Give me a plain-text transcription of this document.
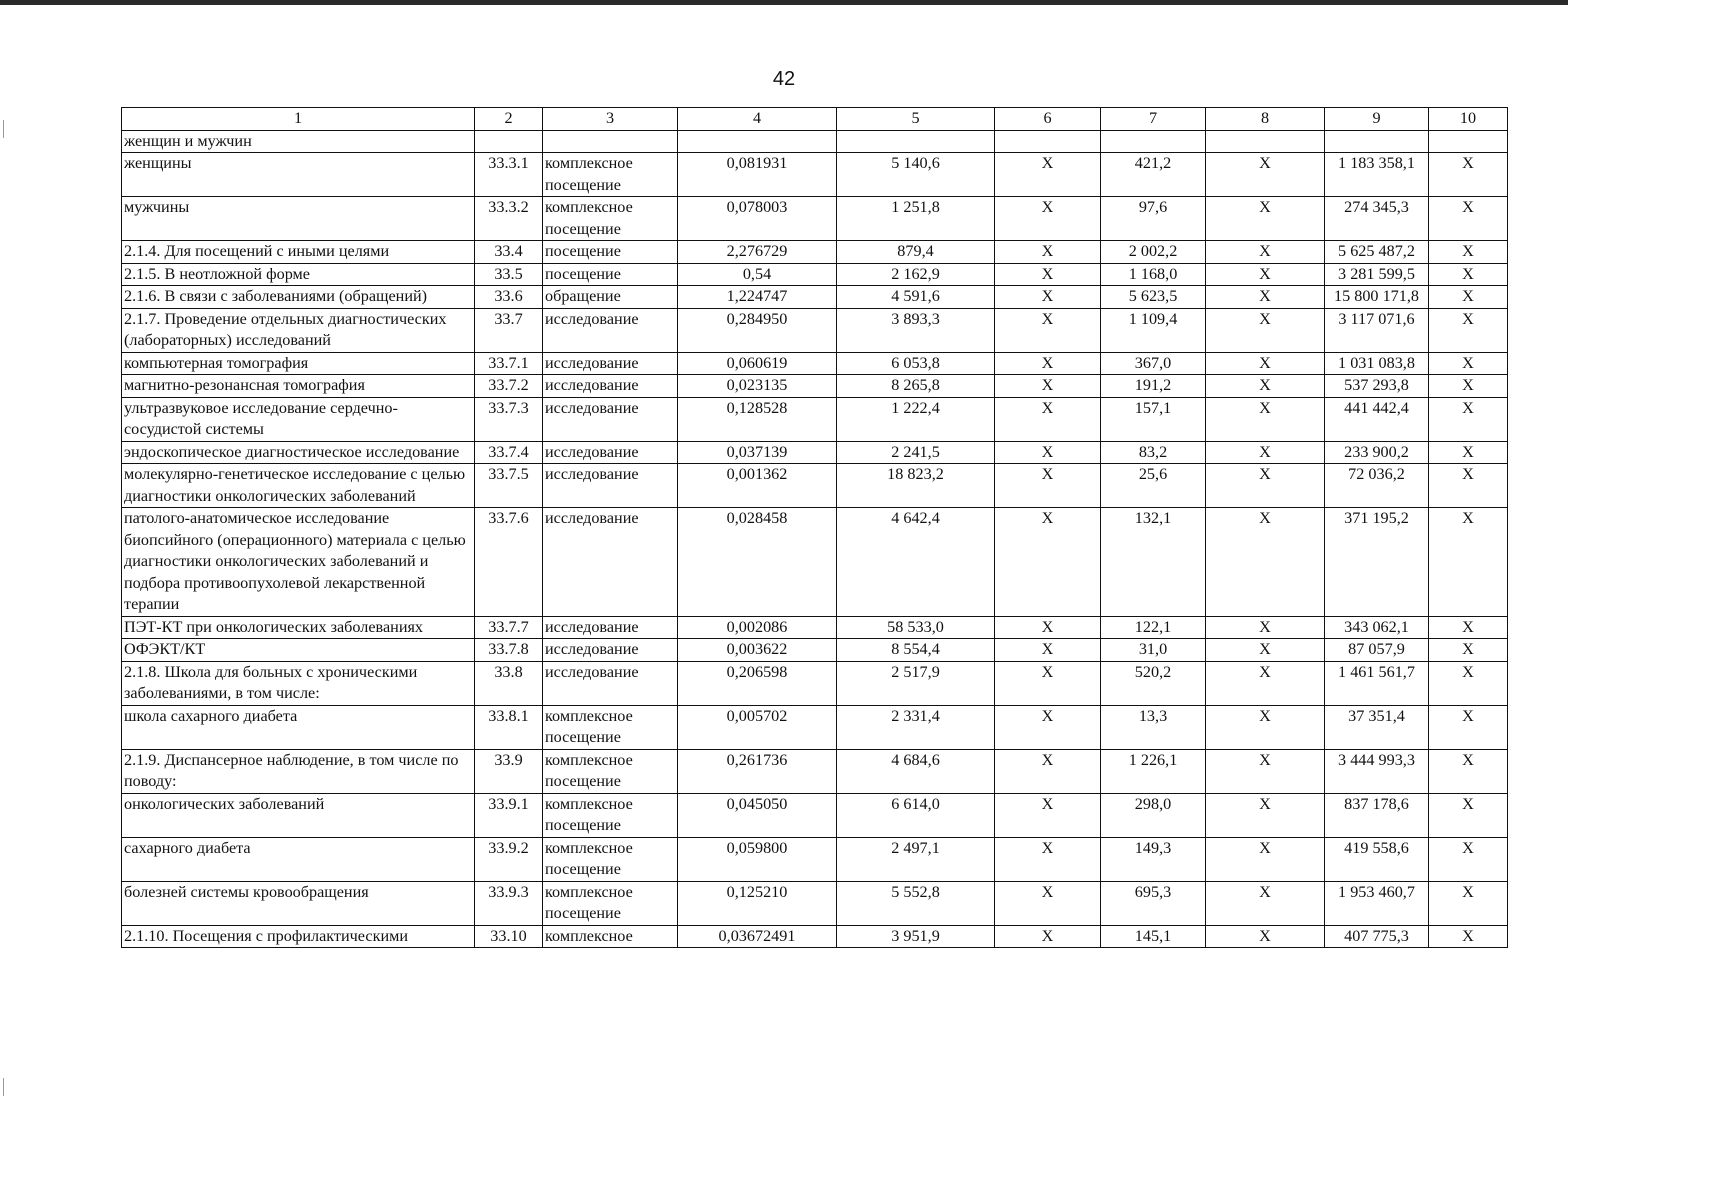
42
1	2	3	4	5	6	7	8	9	10
женщин и мужчин									
женщины	33.3.1	комплексное посещение	0,081931	5 140,6	X	421,2	X	1 183 358,1	X
мужчины	33.3.2	комплексное посещение	0,078003	1 251,8	X	97,6	X	274 345,3	X
2.1.4. Для посещений с иными целями	33.4	посещение	2,276729	879,4	X	2 002,2	X	5 625 487,2	X
2.1.5. В неотложной форме	33.5	посещение	0,54	2 162,9	X	1 168,0	X	3 281 599,5	X
2.1.6. В связи с заболеваниями (обращений)	33.6	обращение	1,224747	4 591,6	X	5 623,5	X	15 800 171,8	X
2.1.7. Проведение отдельных диагностических (лабораторных) исследований	33.7	исследование	0,284950	3 893,3	X	1 109,4	X	3 117 071,6	X
компьютерная томография	33.7.1	исследование	0,060619	6 053,8	X	367,0	X	1 031 083,8	X
магнитно-резонансная томография	33.7.2	исследование	0,023135	8 265,8	X	191,2	X	537 293,8	X
ультразвуковое исследование сердечно-сосудистой системы	33.7.3	исследование	0,128528	1 222,4	X	157,1	X	441 442,4	X
эндоскопическое диагностическое исследование	33.7.4	исследование	0,037139	2 241,5	X	83,2	X	233 900,2	X
молекулярно-генетическое исследование с целью диагностики онкологических заболеваний	33.7.5	исследование	0,001362	18 823,2	X	25,6	X	72 036,2	X
патолого-анатомическое исследование биопсийного (операционного) материала с целью диагностики онкологических заболеваний и подбора противоопухолевой лекарственной терапии	33.7.6	исследование	0,028458	4 642,4	X	132,1	X	371 195,2	X
ПЭТ-КТ при онкологических заболеваниях	33.7.7	исследование	0,002086	58 533,0	X	122,1	X	343 062,1	X
ОФЭКТ/КТ	33.7.8	исследование	0,003622	8 554,4	X	31,0	X	87 057,9	X
2.1.8. Школа для больных с хроническими заболеваниями, в том числе:	33.8	исследование	0,206598	2 517,9	X	520,2	X	1 461 561,7	X
школа сахарного диабета	33.8.1	комплексное посещение	0,005702	2 331,4	X	13,3	X	37 351,4	X
2.1.9. Диспансерное наблюдение, в том числе по поводу:	33.9	комплексное посещение	0,261736	4 684,6	X	1 226,1	X	3 444 993,3	X
онкологических заболеваний	33.9.1	комплексное посещение	0,045050	6 614,0	X	298,0	X	837 178,6	X
сахарного диабета	33.9.2	комплексное посещение	0,059800	2 497,1	X	149,3	X	419 558,6	X
болезней системы кровообращения	33.9.3	комплексное посещение	0,125210	5 552,8	X	695,3	X	1 953 460,7	X
2.1.10. Посещения с профилактическими	33.10	комплексное	0,03672491	3 951,9	X	145,1	X	407 775,3	X
